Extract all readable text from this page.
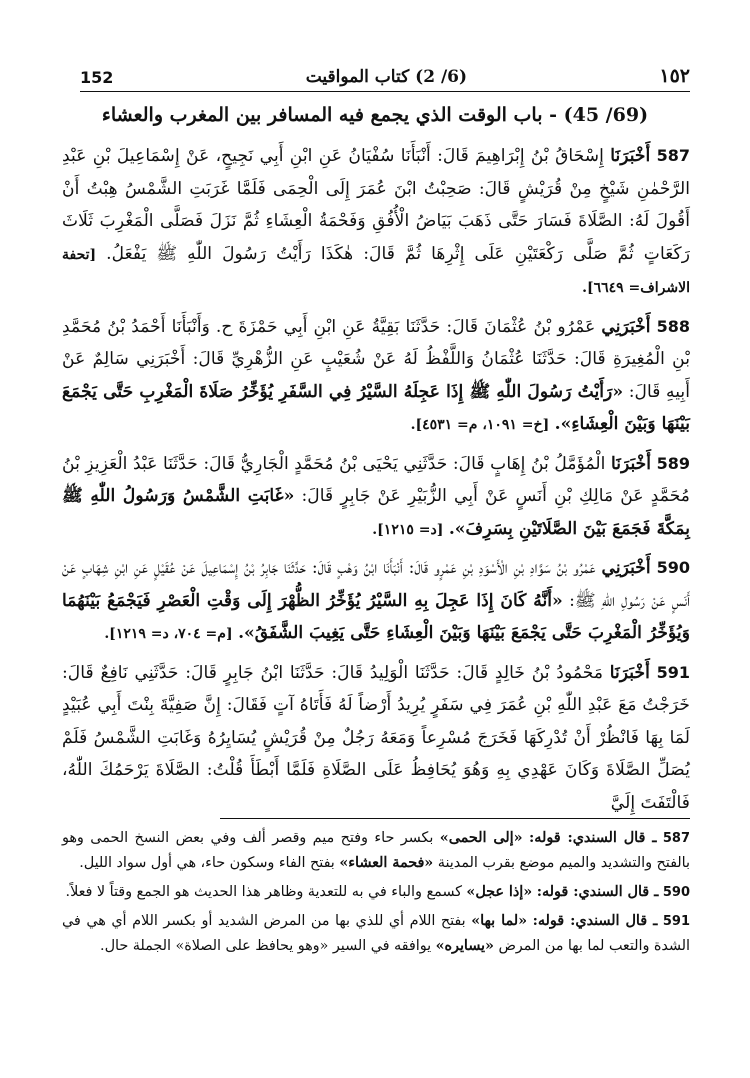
152	(6/ 2) كتاب المواقيت	١٥٢
(69/ 45) - باب الوقت الذي يجمع فيه المسافر بين المغرب والعشاء

587 أَخْبَرَنَا إِسْحَاقُ بْنُ إِبْرَاهِيمَ قَالَ: أَنْبَأَنَا سُفْيَانُ عَنِ ابْنِ أَبِي نَجِيحٍ، عَنْ إِسْمَاعِيلَ بْنِ عَبْدِ الرَّحْمٰنِ شَيْخٍ مِنْ قُرَيْشٍ قَالَ: صَحِبْتُ ابْنَ عُمَرَ إِلَى الْحِمَى فَلَمَّا غَرَبَتِ الشَّمْسُ هِبْتُ أَنْ أَقُولَ لَهُ: الصَّلَاةَ فَسَارَ حَتَّى ذَهَبَ بَيَاضُ الْأُفُقِ وَفَحْمَةُ الْعِشَاءِ ثُمَّ نَزَلَ فَصَلَّى الْمَغْرِبَ ثَلَاثَ رَكَعَاتٍ ثُمَّ صَلَّى رَكْعَتَيْنِ عَلَى إِثْرِهَا ثُمَّ قَالَ: هٰكَذَا رَأَيْتُ رَسُولَ اللّٰهِ ﷺ يَفْعَلُ. [تحفة الاشراف= ٦٦٤٩].

588 أَخْبَرَنِي عَمْرُو بْنُ عُثْمَانَ قَالَ: حَدَّثَنَا بَقِيَّةُ عَنِ ابْنِ أَبِي حَمْزَةَ ح. وَأَنْبَأَنَا أَحْمَدُ بْنُ مُحَمَّدِ بْنِ الْمُغِيرَةِ قَالَ: حَدَّثَنَا عُثْمَانُ وَاللَّفْظُ لَهُ عَنْ شُعَيْبٍ عَنِ الزُّهْرِيِّ قَالَ: أَخْبَرَنِي سَالِمٌ عَنْ أَبِيهِ قَالَ: «رَأَيْتُ رَسُولَ اللّٰهِ ﷺ إِذَا عَجِلَهُ السَّيْرُ فِي السَّفَرِ يُؤَخِّرُ صَلَاةَ الْمَغْرِبِ حَتَّى يَجْمَعَ بَيْنَهَا وَبَيْنَ الْعِشَاءِ». [خ= ١٠٩١، م= ٤٥٣١].

589 أَخْبَرَنَا الْمُؤَمَّلُ بْنُ إِهَابٍ قَالَ: حَدَّثَنِي يَحْيَى بْنُ مُحَمَّدٍ الْجَارِيُّ قَالَ: حَدَّثَنَا عَبْدُ الْعَزِيزِ بْنُ مُحَمَّدٍ عَنْ مَالِكِ بْنِ أَنَسٍ عَنْ أَبِي الزُّبَيْرِ عَنْ جَابِرٍ قَالَ: «غَابَتِ الشَّمْسُ وَرَسُولُ اللّٰهِ ﷺ بِمَكَّةَ فَجَمَعَ بَيْنَ الصَّلَاتَيْنِ بِسَرِفَ». [د= ١٢١٥].

590 أَخْبَرَنِي عَمْرُو بْنُ سَوَّادِ بْنِ الْأَسْوَدِ بْنِ عَمْرٍو قَالَ: أَنْبَأَنَا ابْنُ وَهْبٍ قَالَ: حَدَّثَنَا جَابِرُ بْنُ إِسْمَاعِيلَ عَنْ عُقَيْلٍ عَنِ ابْنِ شِهَابٍ عَنْ أَنَسٍ عَنْ رَسُولِ اللّٰهِ ﷺ: «أَنَّهُ كَانَ إِذَا عَجِلَ بِهِ السَّيْرُ يُؤَخِّرُ الظُّهْرَ إِلَى وَقْتِ الْعَصْرِ فَيَجْمَعُ بَيْنَهُمَا وَيُؤَخِّرُ الْمَغْرِبَ حَتَّى يَجْمَعَ بَيْنَهَا وَبَيْنَ الْعِشَاءِ حَتَّى يَغِيبَ الشَّفَقُ». [م= ٧٠٤، د= ١٢١٩].

591 أَخْبَرَنَا مَحْمُودُ بْنُ خَالِدٍ قَالَ: حَدَّثَنَا الْوَلِيدُ قَالَ: حَدَّثَنَا ابْنُ جَابِرٍ قَالَ: حَدَّثَنِي نَافِعٌ قَالَ: خَرَجْتُ مَعَ عَبْدِ اللّٰهِ بْنِ عُمَرَ فِي سَفَرٍ يُرِيدُ أَرْضاً لَهُ فَأَتَاهُ آتٍ فَقَالَ: إِنَّ صَفِيَّةَ بِنْتَ أَبِي عُبَيْدٍ لَمَا بِهَا فَانْظُرْ أَنْ تُدْرِكَهَا فَخَرَجَ مُسْرِعاً وَمَعَهُ رَجُلٌ مِنْ قُرَيْشٍ يُسَايِرُهُ وَغَابَتِ الشَّمْسُ فَلَمْ يُصَلِّ الصَّلَاةَ وَكَانَ عَهْدِي بِهِ وَهُوَ يُحَافِظُ عَلَى الصَّلَاةِ فَلَمَّا أَبْطَأَ قُلْتُ: الصَّلَاةَ يَرْحَمُكَ اللّٰهُ، فَالْتَفَتَ إِلَيَّ

587 ـ قال السندي: قوله: «إلى الحمى» بكسر حاء وفتح ميم وقصر ألف وفي بعض النسخ الحمى وهو بالفتح والتشديد والميم موضع بقرب المدينة «فحمة العشاء» بفتح الفاء وسكون حاء، هي أول سواد الليل.

590 ـ قال السندي: قوله: «إذا عجل» كسمع والباء في به للتعدية وظاهر هذا الحديث هو الجمع وقتاً لا فعلاً.

591 ـ قال السندي: قوله: «لما بها» بفتح اللام أي للذي بها من المرض الشديد أو بكسر اللام أي هي في الشدة والتعب لما بها من المرض «يسايره» يوافقه في السير «وهو يحافظ على الصلاة» الجملة حال.
